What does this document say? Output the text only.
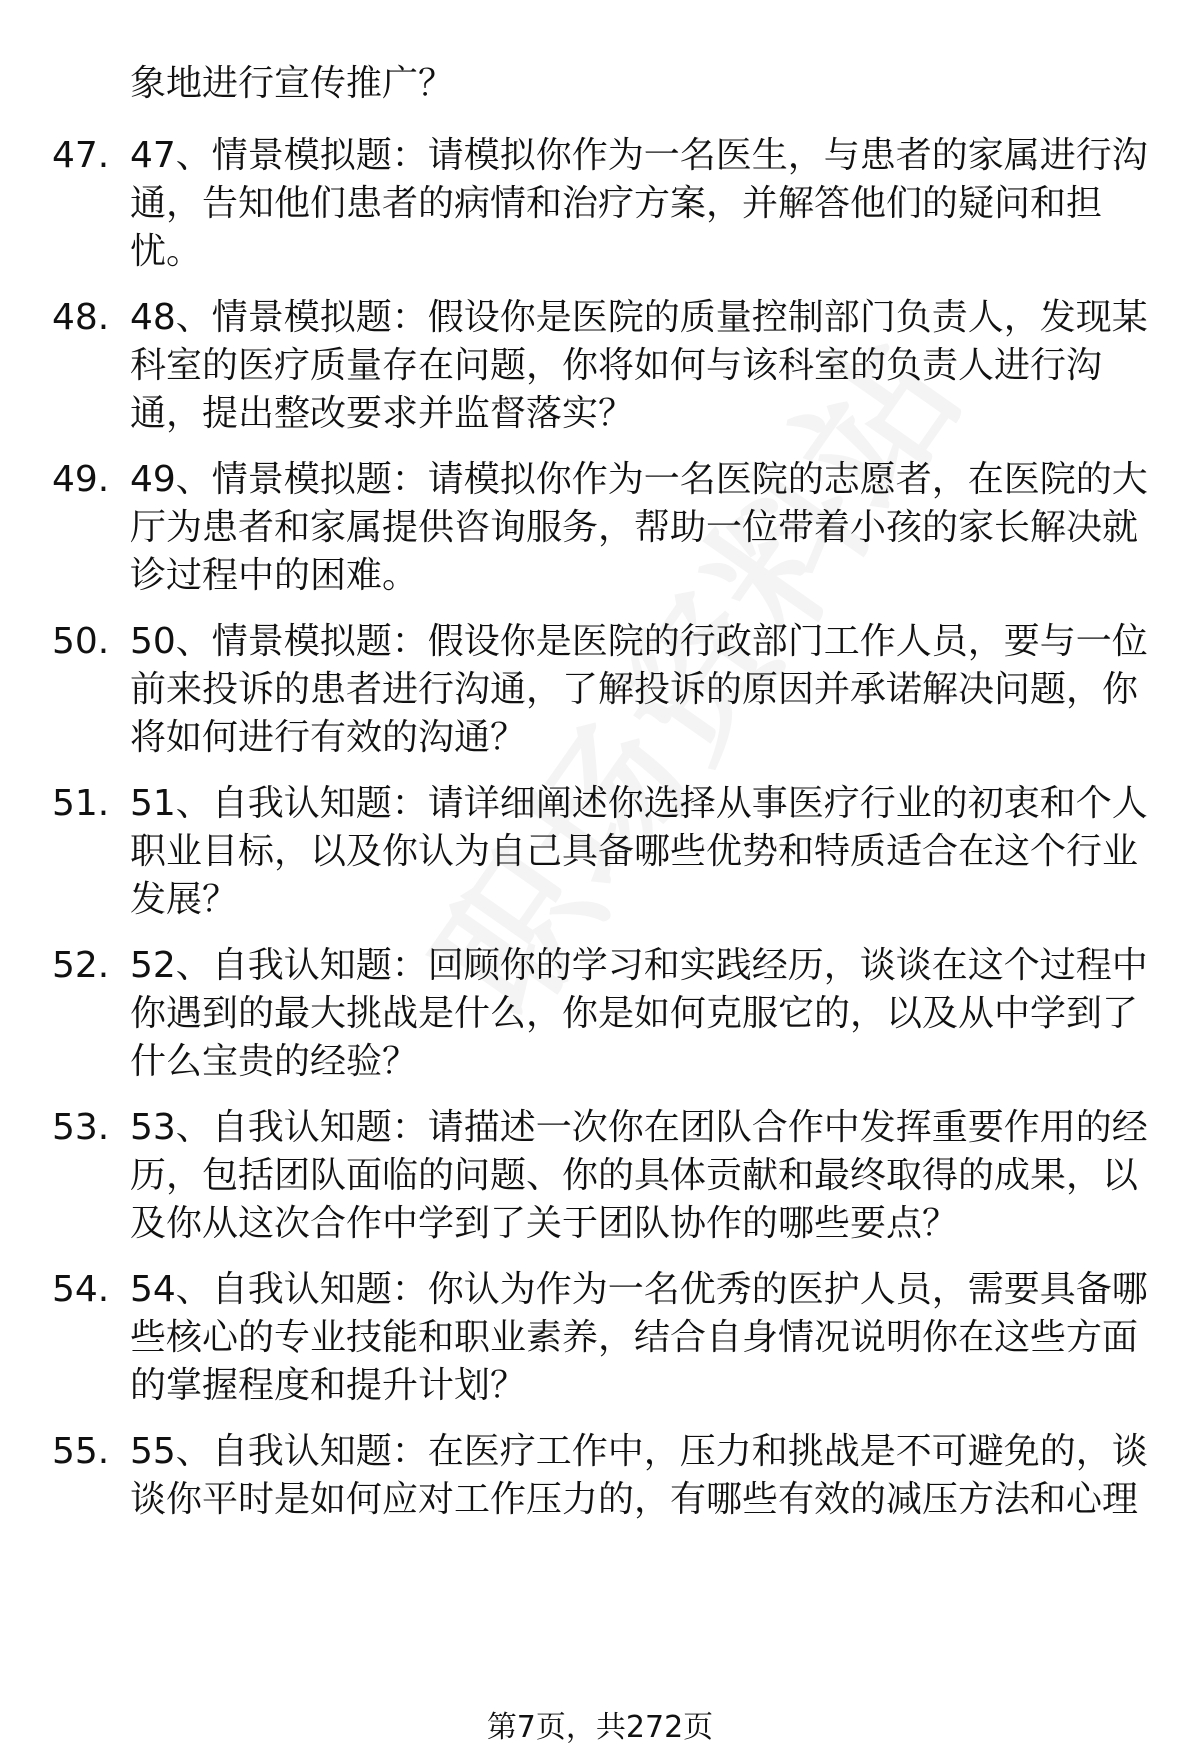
象地进行宣传推广？
47. 47、情景模拟题：请模拟你作为一名医生，与患者的家属进行沟
通，告知他们患者的病情和治疗方案，并解答他们的疑问和担
忧。
48. 48、情景模拟题：假设你是医院的质量控制部门负责人，发现某
科室的医疗质量存在问题，你将如何与该科室的负责人进行沟
通，提出整改要求并监督落实？
49. 49、情景模拟题：请模拟你作为一名医院的志愿者，在医院的大
厅为患者和家属提供咨询服务，帮助一位带着小孩的家长解决就
诊过程中的困难。
50. 50、情景模拟题：假设你是医院的行政部门工作人员，要与一位
前来投诉的患者进行沟通，了解投诉的原因并承诺解决问题，你
将如何进行有效的沟通？
51. 51、自我认知题：请详细阐述你选择从事医疗行业的初衷和个人
职业目标，以及你认为自己具备哪些优势和特质适合在这个行业
发展？
52. 52、自我认知题：回顾你的学习和实践经历，谈谈在这个过程中
你遇到的最大挑战是什么，你是如何克服它的，以及从中学到了
什么宝贵的经验？
53. 53、自我认知题：请描述一次你在团队合作中发挥重要作用的经
历，包括团队面临的问题、你的具体贡献和最终取得的成果，以
及你从这次合作中学到了关于团队协作的哪些要点？
54. 54、自我认知题：你认为作为一名优秀的医护人员，需要具备哪
些核心的专业技能和职业素养，结合自身情况说明你在这些方面
的掌握程度和提升计划？
55. 55、自我认知题：在医疗工作中，压力和挑战是不可避免的，谈
谈你平时是如何应对工作压力的，有哪些有效的减压方法和心理
第7页，共272页
